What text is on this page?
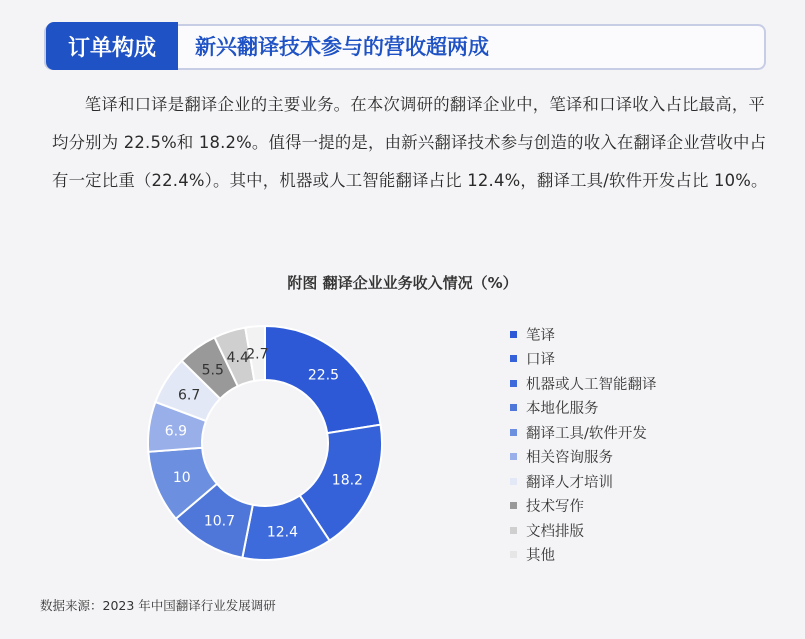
订单构成	新兴翻译技术参与的营收超两成
笔译和口译是翻译企业的主要业务。在本次调研的翻译企业中，笔译和口译收入占比最高，平均分别为 22.5%和 18.2%。值得一提的是，由新兴翻译技术参与创造的收入在翻译企业营收中占有一定比重（22.4%）。其中，机器或人工智能翻译占比 12.4%，翻译工具/软件开发占比 10%。
附图 翻译企业业务收入情况（%）
22.5
18.2
12.4
10.7
10
6.9
6.7
5.5
4.4
2.7
笔译
口译
机器或人工智能翻译
本地化服务
翻译工具/软件开发
相关咨询服务
翻译人才培训
技术写作
文档排版
其他
数据来源：2023 年中国翻译行业发展调研
